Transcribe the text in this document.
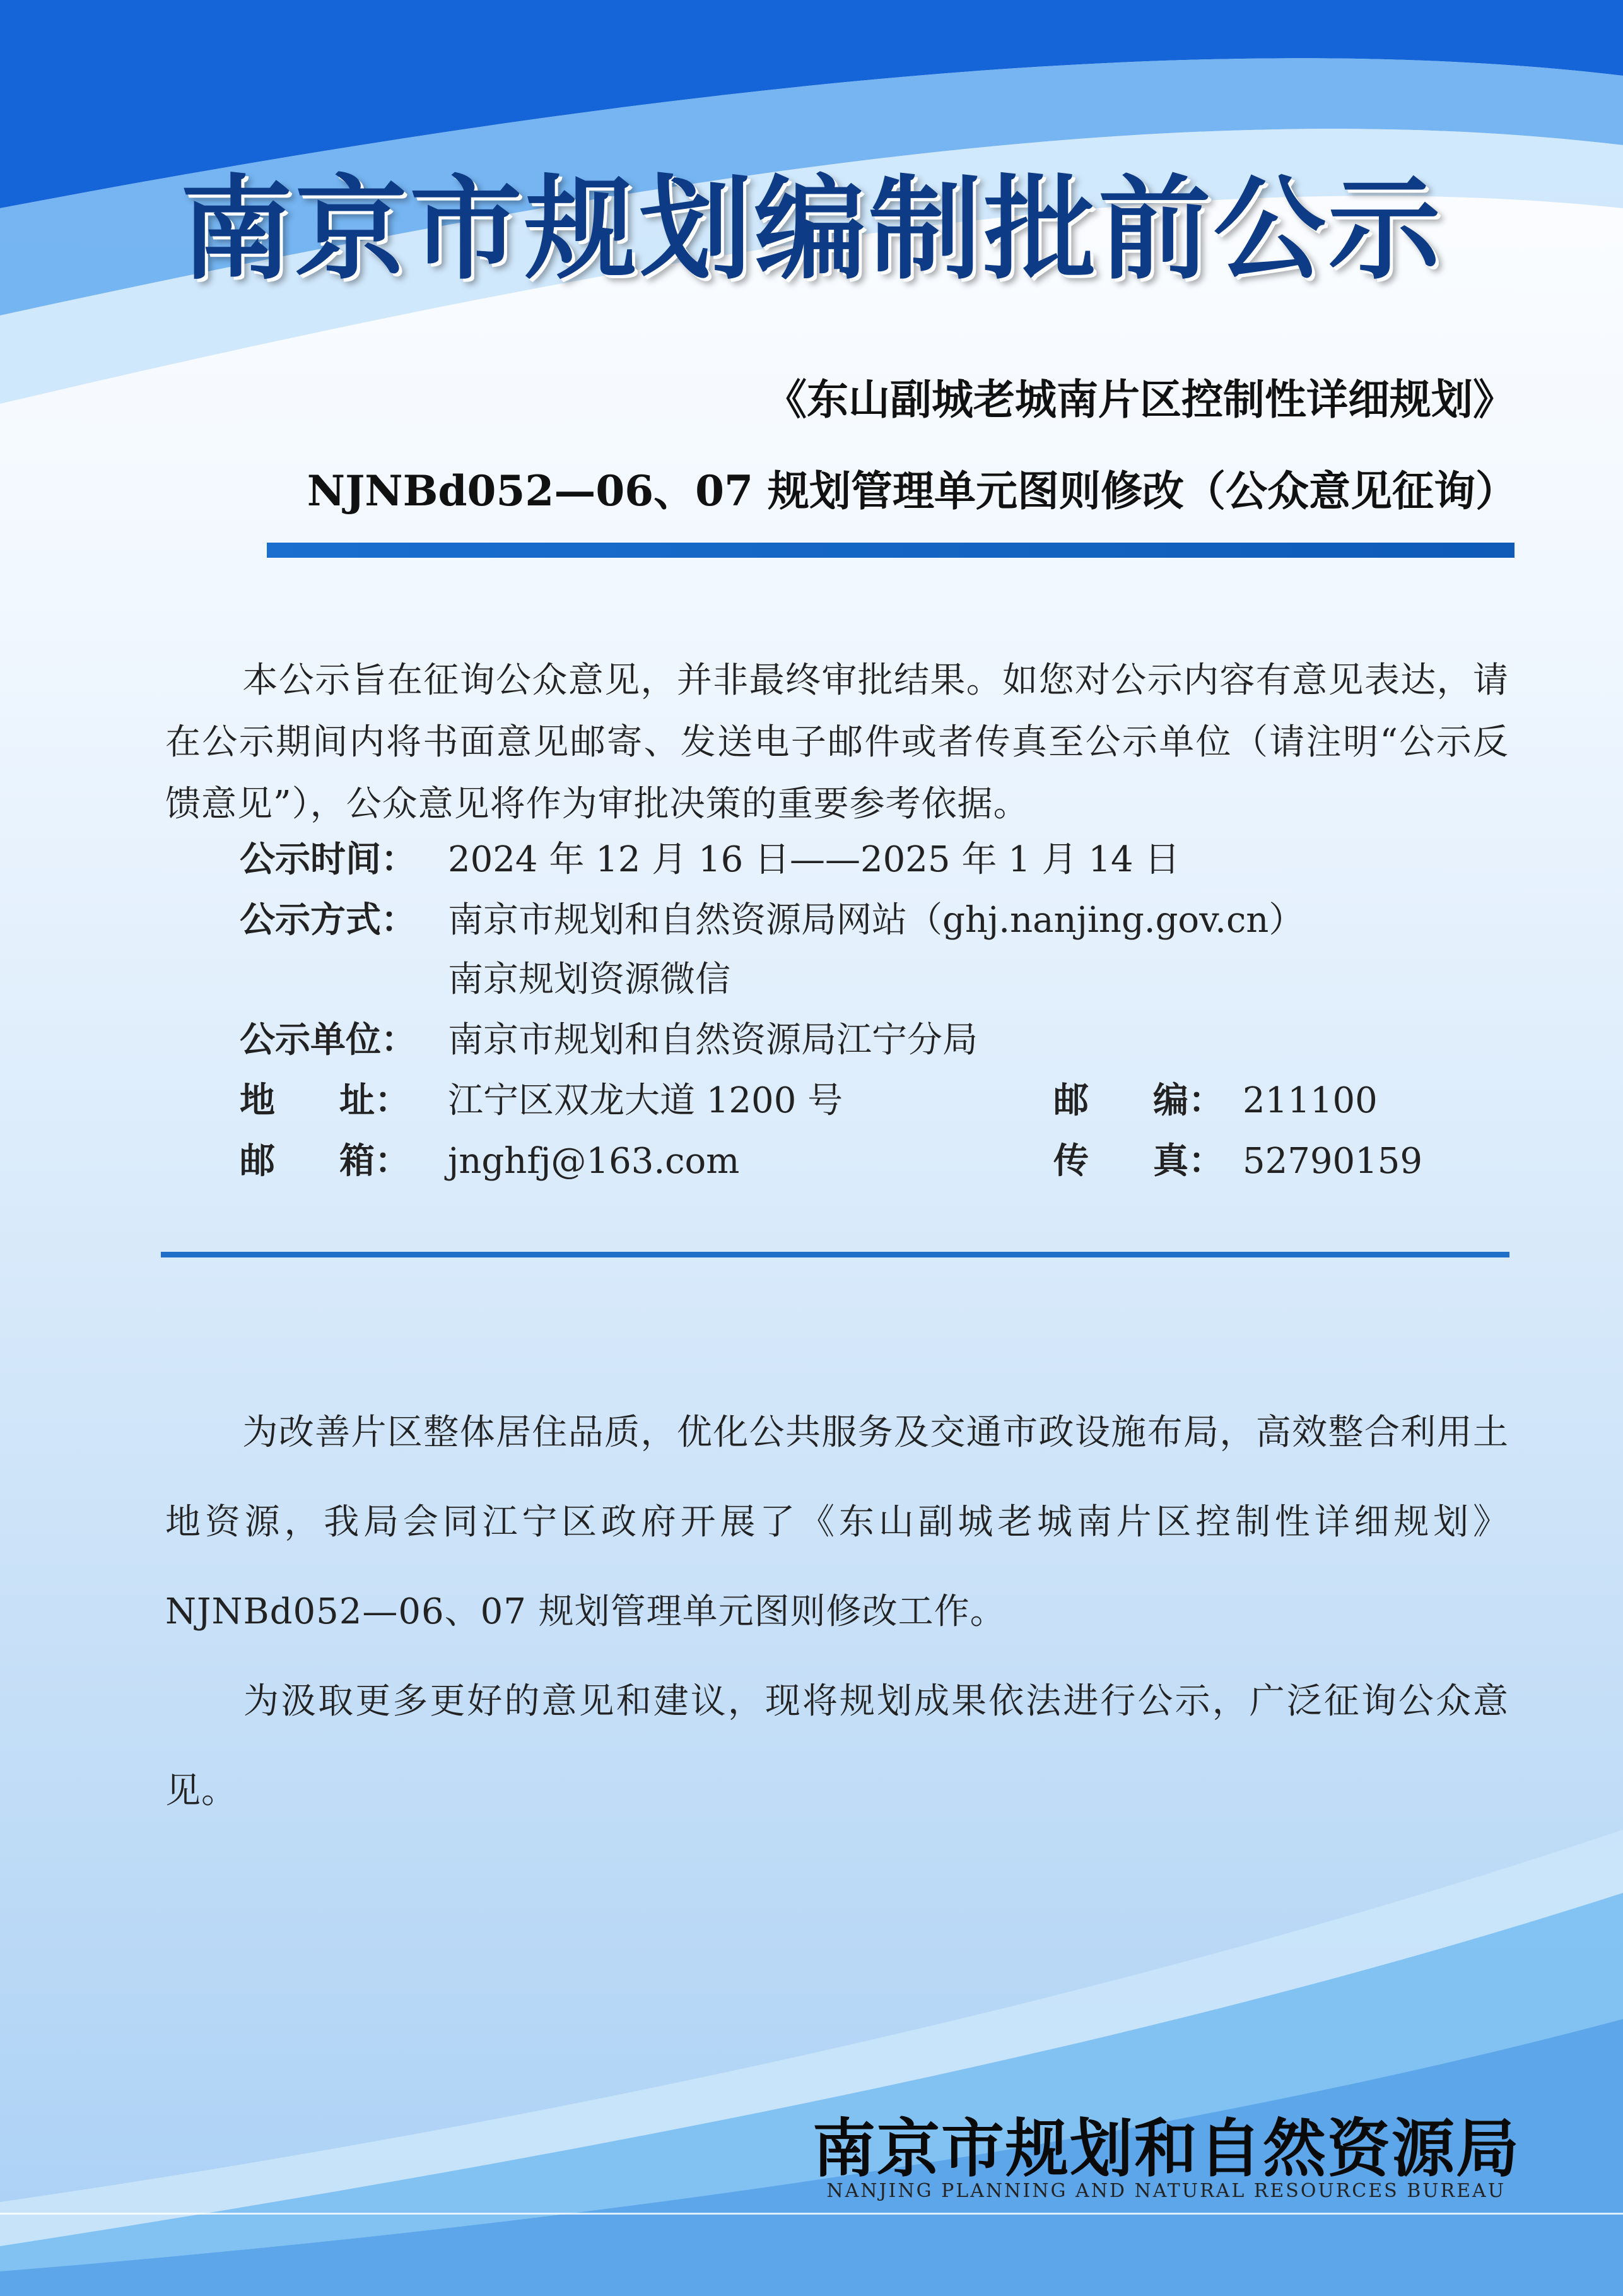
南京市规划编制批前公示
《东山副城老城南片区控制性详细规划》
NJNBd052—06、07 规划管理单元图则修改（公众意见征询）
本公示旨在征询公众意见，并非最终审批结果。如您对公示内容有意见表达，请在公示期间内将书面意见邮寄、发送电子邮件或者传真至公示单位（请注明“公示反馈意见”），公众意见将作为审批决策的重要参考依据。
公示时间： 2024 年 12 月 16 日——2025 年 1 月 14 日
公示方式： 南京市规划和自然资源局网站（ghj.nanjing.gov.cn）
南京规划资源微信
公示单位： 南京市规划和自然资源局江宁分局
地 址： 江宁区双龙大道 1200 号	邮 编： 211100
邮 箱： jnghfj@163.com	传 真： 52790159
为改善片区整体居住品质，优化公共服务及交通市政设施布局，高效整合利用土地资源，我局会同江宁区政府开展了《东山副城老城南片区控制性详细规划》NJNBd052—06、07 规划管理单元图则修改工作。
为汲取更多更好的意见和建议，现将规划成果依法进行公示，广泛征询公众意见。
南京市规划和自然资源局
NANJING PLANNING AND NATURAL RESOURCES BUREAU
